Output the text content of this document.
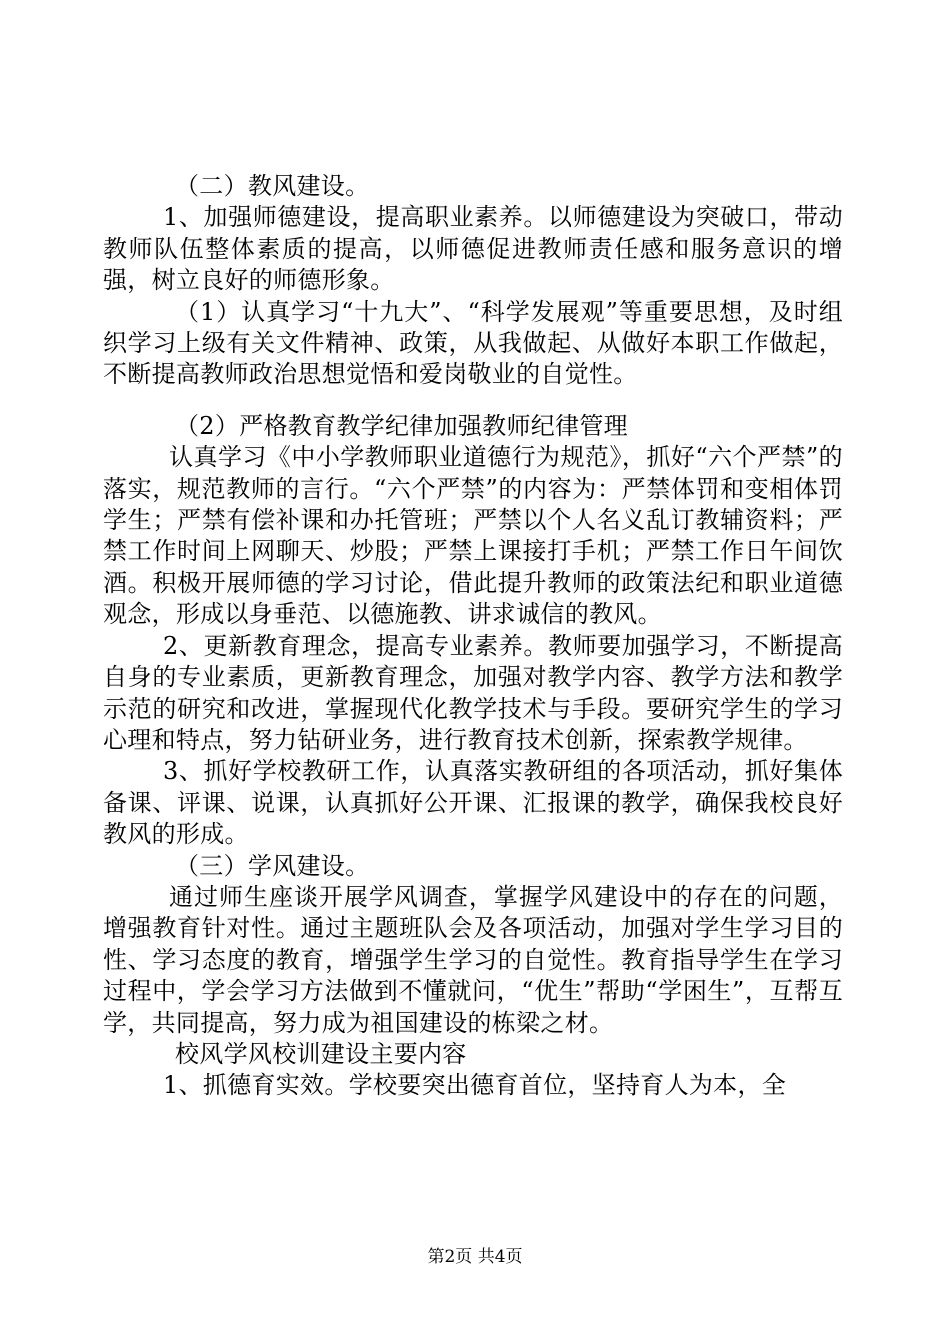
（二）教风建设。

1、加强师德建设，提高职业素养。以师德建设为突破口，带动教师队伍整体素质的提高，以师德促进教师责任感和服务意识的增强，树立良好的师德形象。

（1）认真学习“十九大”、“科学发展观”等重要思想，及时组织学习上级有关文件精神、政策，从我做起、从做好本职工作做起，不断提高教师政治思想觉悟和爱岗敬业的自觉性。

（2）严格教育教学纪律加强教师纪律管理

认真学习《中小学教师职业道德行为规范》，抓好“六个严禁”的落实，规范教师的言行。“六个严禁”的内容为：严禁体罚和变相体罚学生；严禁有偿补课和办托管班；严禁以个人名义乱订教辅资料；严禁工作时间上网聊天、炒股；严禁上课接打手机；严禁工作日午间饮酒。积极开展师德的学习讨论，借此提升教师的政策法纪和职业道德观念，形成以身垂范、以德施教、讲求诚信的教风。

2、更新教育理念，提高专业素养。教师要加强学习，不断提高自身的专业素质，更新教育理念，加强对教学内容、教学方法和教学示范的研究和改进，掌握现代化教学技术与手段。要研究学生的学习心理和特点，努力钻研业务，进行教育技术创新，探索教学规律。

3、抓好学校教研工作，认真落实教研组的各项活动，抓好集体备课、评课、说课，认真抓好公开课、汇报课的教学，确保我校良好教风的形成。

（三）学风建设。

通过师生座谈开展学风调查，掌握学风建设中的存在的问题，增强教育针对性。通过主题班队会及各项活动，加强对学生学习目的性、学习态度的教育，增强学生学习的自觉性。教育指导学生在学习过程中，学会学习方法做到不懂就问，“优生”帮助“学困生”，互帮互学，共同提高，努力成为祖国建设的栋梁之材。

校风学风校训建设主要内容

1、抓德育实效。学校要突出德育首位，坚持育人为本，全

第2页 共4页
